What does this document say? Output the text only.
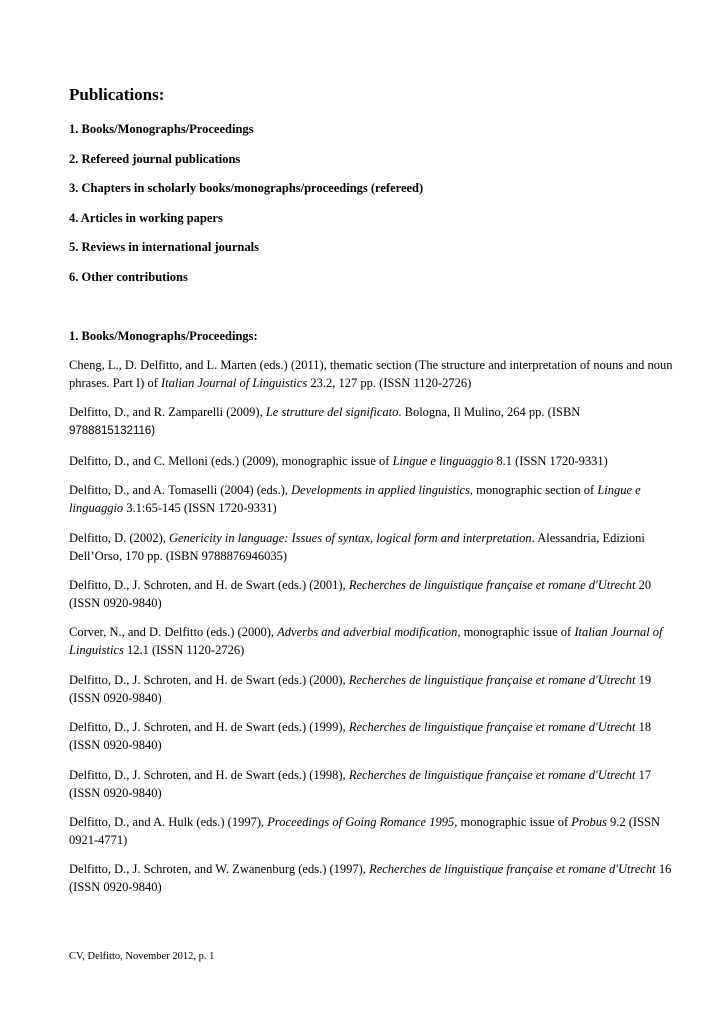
Publications:
1. Books/Monographs/Proceedings
2. Refereed journal publications
3. Chapters in scholarly books/monographs/proceedings (refereed)
4. Articles in working papers
5. Reviews in international journals
6. Other contributions
1. Books/Monographs/Proceedings:

Cheng, L., D. Delfitto, and L. Marten (eds.) (2011), thematic section (The structure and interpretation of nouns and noun phrases. Part I) of Italian Journal of Linguistics 23.2, 127 pp. (ISSN 1120-2726)

Delfitto, D., and R. Zamparelli (2009), Le strutture del significato. Bologna, Il Mulino, 264 pp. (ISBN
9788815132116)

Delfitto, D., and C. Melloni (eds.) (2009), monographic issue of Lingue e linguaggio 8.1 (ISSN 1720-9331)

Delfitto, D., and A. Tomaselli (2004) (eds.), Developments in applied linguistics, monographic section of Lingue e linguaggio 3.1:65-145 (ISSN 1720-9331)

Delfitto, D. (2002), Genericity in language: Issues of syntax, logical form and interpretation. Alessandria, Edizioni Dell’Orso, 170 pp. (ISBN 9788876946035)

Delfitto, D., J. Schroten, and H. de Swart (eds.) (2001), Recherches de linguistique française et romane d'Utrecht 20 (ISSN 0920-9840)

Corver, N., and D. Delfitto (eds.) (2000), Adverbs and adverbial modification, monographic issue of Italian Journal of Linguistics 12.1 (ISSN 1120-2726)

Delfitto, D., J. Schroten, and H. de Swart (eds.) (2000), Recherches de linguistique française et romane d'Utrecht 19 (ISSN 0920-9840)

Delfitto, D., J. Schroten, and H. de Swart (eds.) (1999), Recherches de linguistique française et romane d'Utrecht 18 (ISSN 0920-9840)

Delfitto, D., J. Schroten, and H. de Swart (eds.) (1998), Recherches de linguistique française et romane d'Utrecht 17 (ISSN 0920-9840)

Delfitto, D., and A. Hulk (eds.) (1997), Proceedings of Going Romance 1995, monographic issue of Probus 9.2 (ISSN 0921-4771)

Delfitto, D., J. Schroten, and W. Zwanenburg (eds.) (1997), Recherches de linguistique française et romane d'Utrecht 16 (ISSN 0920-9840)

CV, Delfitto, November 2012, p. 1
